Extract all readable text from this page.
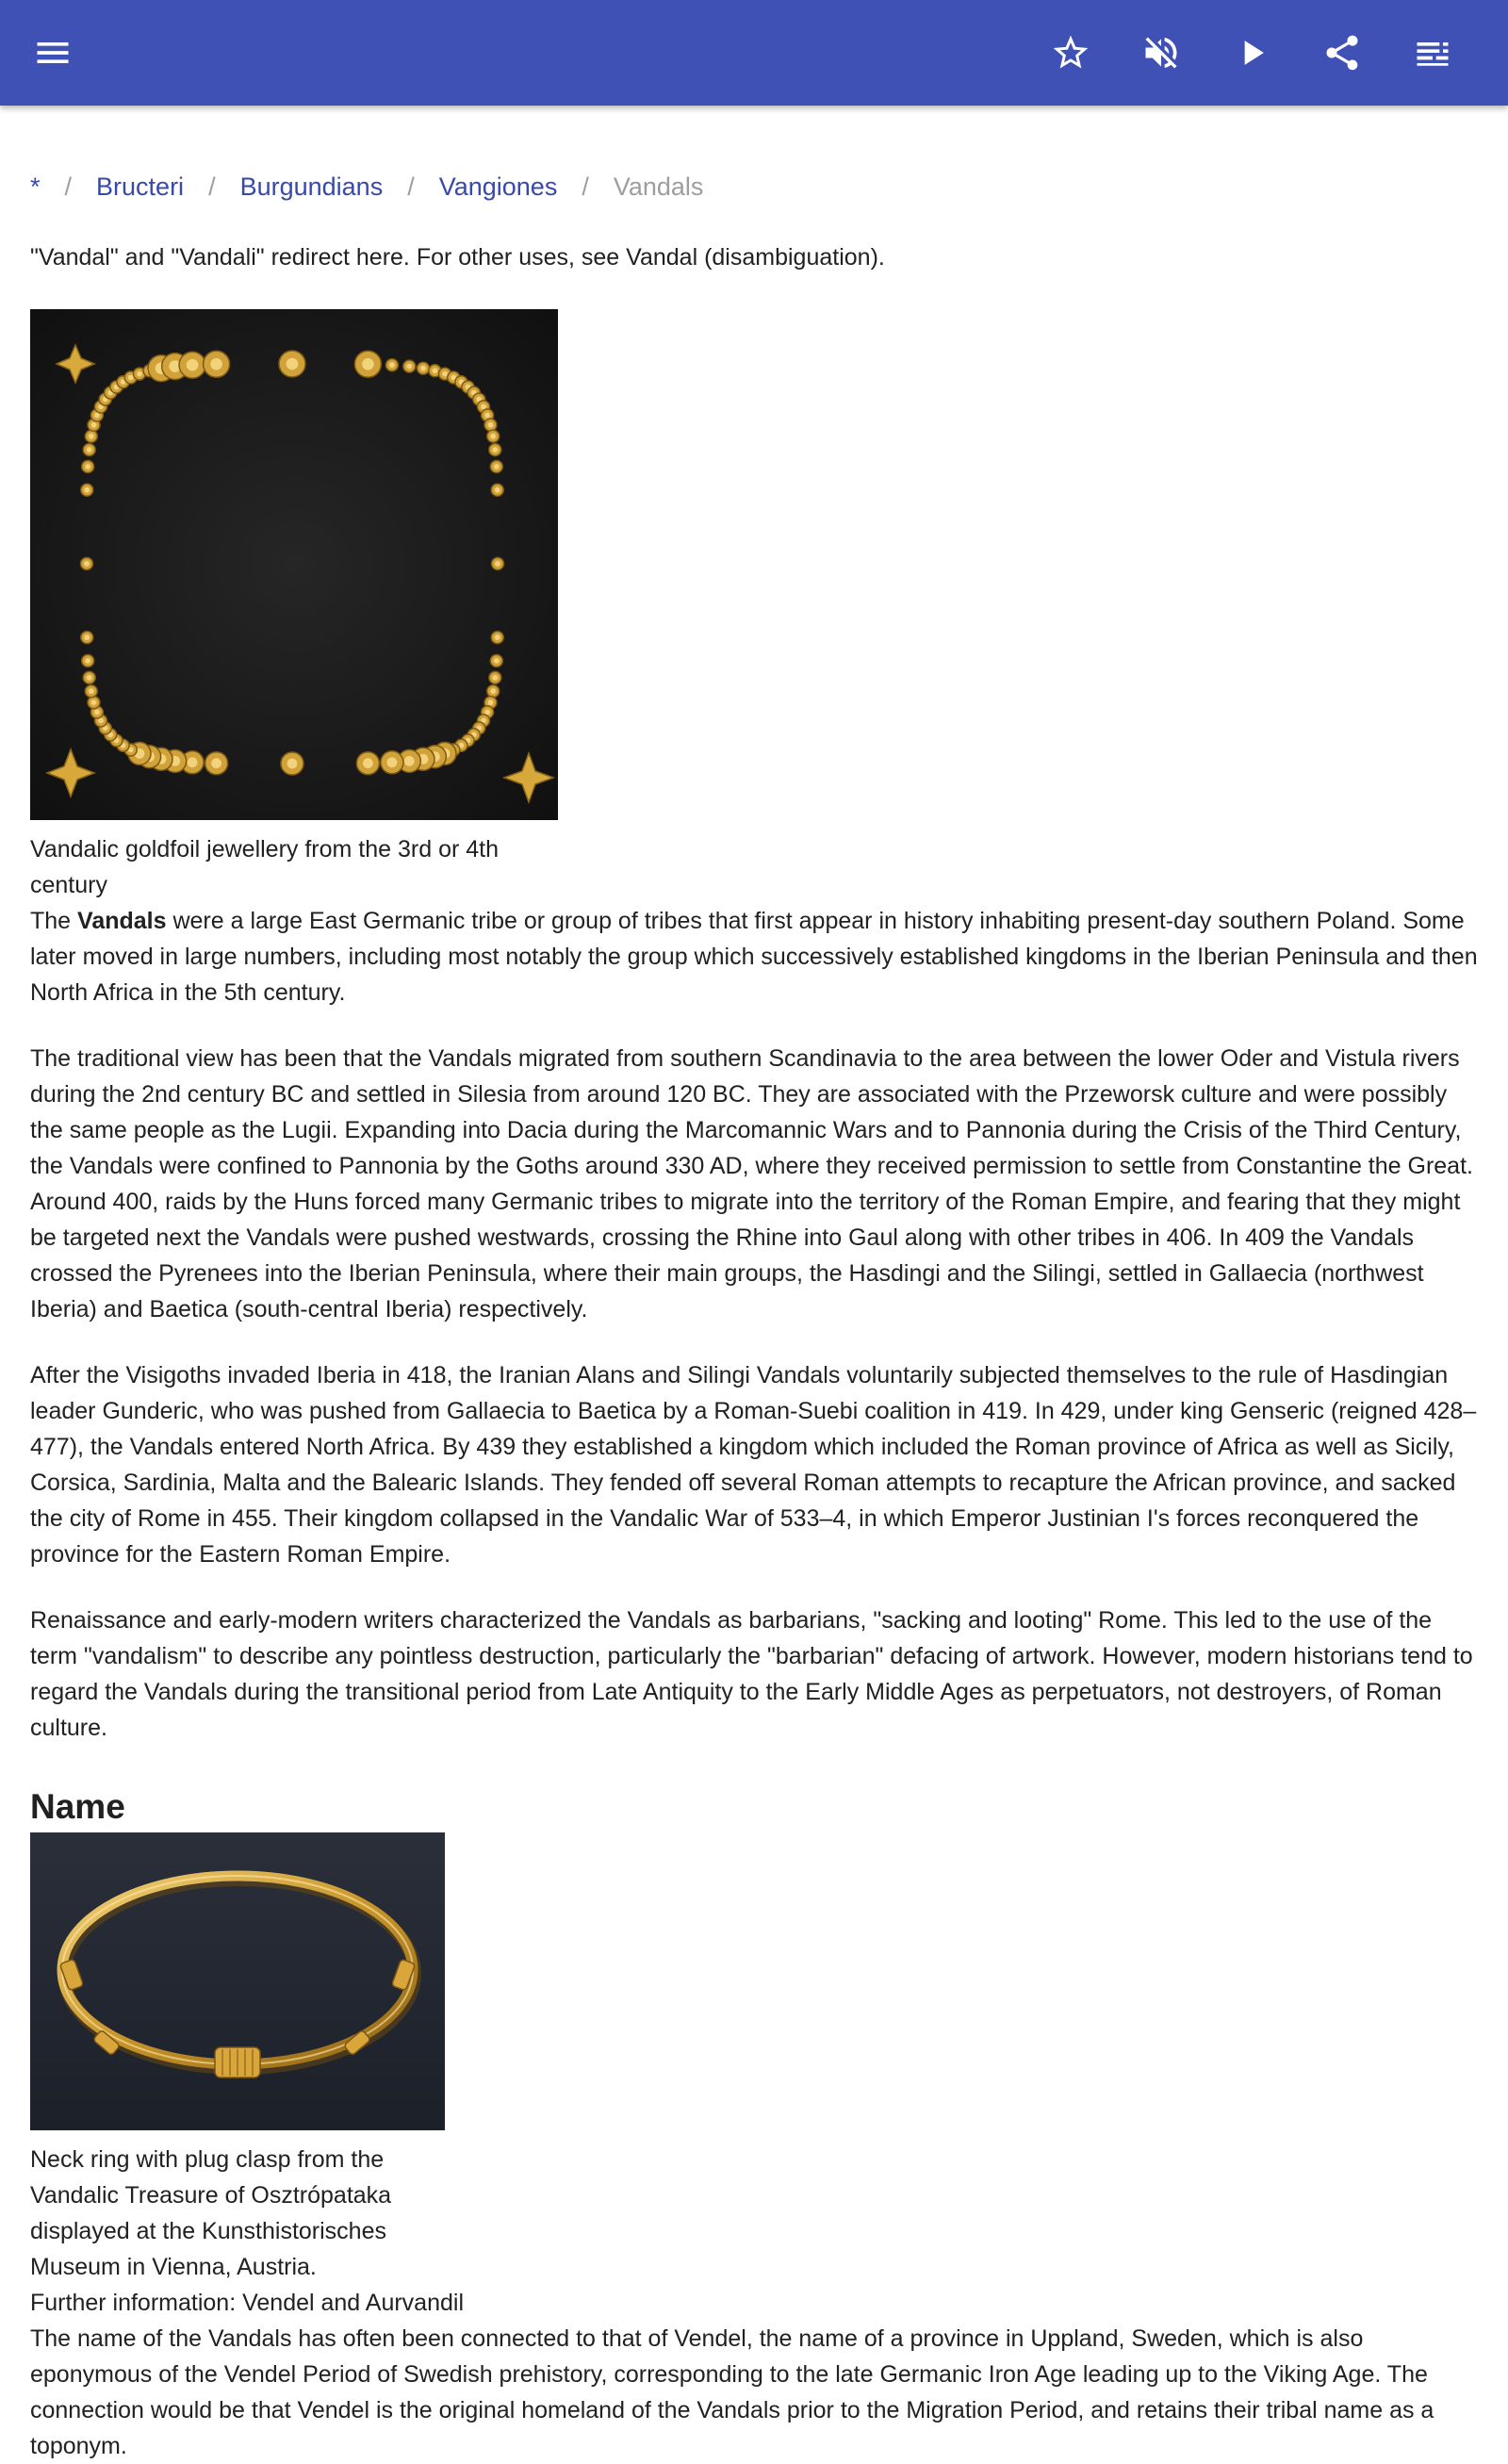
* / Bructeri / Burgundians / Vangiones / Vandals
"Vandal" and "Vandali" redirect here. For other uses, see Vandal (disambiguation).
Vandalic goldfoil jewellery from the 3rd or 4th century
The Vandals were a large East Germanic tribe or group of tribes that first appear in history inhabiting present-day southern Poland. Some later moved in large numbers, including most notably the group which successively established kingdoms in the Iberian Peninsula and then North Africa in the 5th century.
The traditional view has been that the Vandals migrated from southern Scandinavia to the area between the lower Oder and Vistula rivers during the 2nd century BC and settled in Silesia from around 120 BC. They are associated with the Przeworsk culture and were possibly the same people as the Lugii. Expanding into Dacia during the Marcomannic Wars and to Pannonia during the Crisis of the Third Century, the Vandals were confined to Pannonia by the Goths around 330 AD, where they received permission to settle from Constantine the Great. Around 400, raids by the Huns forced many Germanic tribes to migrate into the territory of the Roman Empire, and fearing that they might be targeted next the Vandals were pushed westwards, crossing the Rhine into Gaul along with other tribes in 406. In 409 the Vandals crossed the Pyrenees into the Iberian Peninsula, where their main groups, the Hasdingi and the Silingi, settled in Gallaecia (northwest Iberia) and Baetica (south-central Iberia) respectively.
After the Visigoths invaded Iberia in 418, the Iranian Alans and Silingi Vandals voluntarily subjected themselves to the rule of Hasdingian leader Gunderic, who was pushed from Gallaecia to Baetica by a Roman-Suebi coalition in 419. In 429, under king Genseric (reigned 428–477), the Vandals entered North Africa. By 439 they established a kingdom which included the Roman province of Africa as well as Sicily, Corsica, Sardinia, Malta and the Balearic Islands. They fended off several Roman attempts to recapture the African province, and sacked the city of Rome in 455. Their kingdom collapsed in the Vandalic War of 533–4, in which Emperor Justinian I's forces reconquered the province for the Eastern Roman Empire.
Renaissance and early-modern writers characterized the Vandals as barbarians, "sacking and looting" Rome. This led to the use of the term "vandalism" to describe any pointless destruction, particularly the "barbarian" defacing of artwork. However, modern historians tend to regard the Vandals during the transitional period from Late Antiquity to the Early Middle Ages as perpetuators, not destroyers, of Roman culture.
Name
Neck ring with plug clasp from the Vandalic Treasure of Osztrópataka displayed at the Kunsthistorisches Museum in Vienna, Austria.
Further information: Vendel and Aurvandil
The name of the Vandals has often been connected to that of Vendel, the name of a province in Uppland, Sweden, which is also eponymous of the Vendel Period of Swedish prehistory, corresponding to the late Germanic Iron Age leading up to the Viking Age. The connection would be that Vendel is the original homeland of the Vandals prior to the Migration Period, and retains their tribal name as a toponym.
